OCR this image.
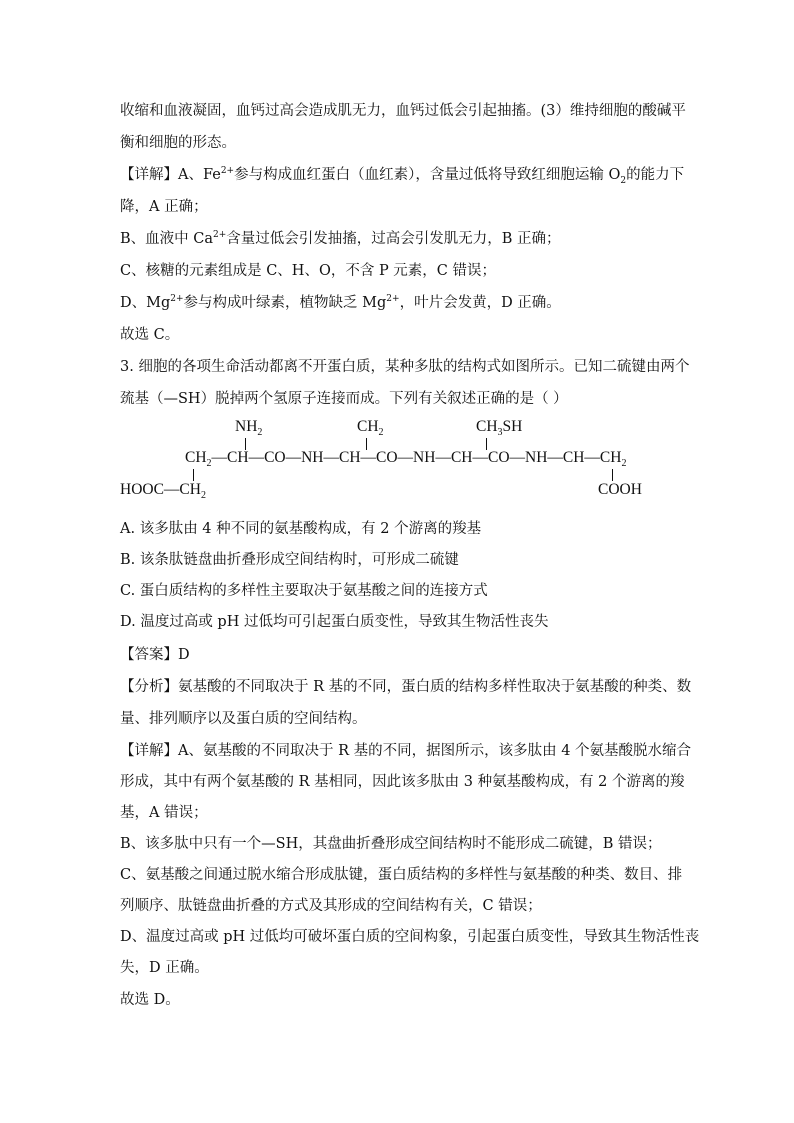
收缩和血液凝固，血钙过高会造成肌无力，血钙过低会引起抽搐。(3）维持细胞的酸碱平
衡和细胞的形态。
【详解】A、$Fe^{2+}$参与构成血红蛋白（血红素），含量过低将导致红细胞运输 $O_2$的能力下
降，A 正确；
B、血液中 $Ca^{2+}$含量过低会引发抽搐，过高会引发肌无力，B 正确；
C、核糖的元素组成是 C、H、O，不含 P 元素，C 错误；
D、$Mg^{2+}$参与构成叶绿素，植物缺乏 $Mg^{2+}$，叶片会发黄，D 正确。
故选 C。
3. 细胞的各项生命活动都离不开蛋白质，某种多肽的结构式如图所示。已知二硫键由两个
巯基（—SH）脱掉两个氢原子连接而成。下列有关叙述正确的是（ ）
$NH_2$	$CH_2$	$CH_3SH$
$CH_2—CH—CO—NH—CH—CO—NH—CH—CO—NH—CH—CH_2$
$HOOC—CH_2$	COOH
A. 该多肽由 4 种不同的氨基酸构成，有 2 个游离的羧基
B. 该条肽链盘曲折叠形成空间结构时，可形成二硫键
C. 蛋白质结构的多样性主要取决于氨基酸之间的连接方式
D. 温度过高或 pH 过低均可引起蛋白质变性，导致其生物活性丧失
【答案】D
【分析】氨基酸的不同取决于 R 基的不同，蛋白质的结构多样性取决于氨基酸的种类、数
量、排列顺序以及蛋白质的空间结构。
【详解】A、氨基酸的不同取决于 R 基的不同，据图所示，该多肽由 4 个氨基酸脱水缩合
形成，其中有两个氨基酸的 R 基相同，因此该多肽由 3 种氨基酸构成，有 2 个游离的羧
基，A 错误；
B、该多肽中只有一个—SH，其盘曲折叠形成空间结构时不能形成二硫键，B 错误；
C、氨基酸之间通过脱水缩合形成肽键，蛋白质结构的多样性与氨基酸的种类、数目、排
列顺序、肽链盘曲折叠的方式及其形成的空间结构有关，C 错误；
D、温度过高或 pH 过低均可破坏蛋白质的空间构象，引起蛋白质变性，导致其生物活性丧
失，D 正确。
故选 D。
